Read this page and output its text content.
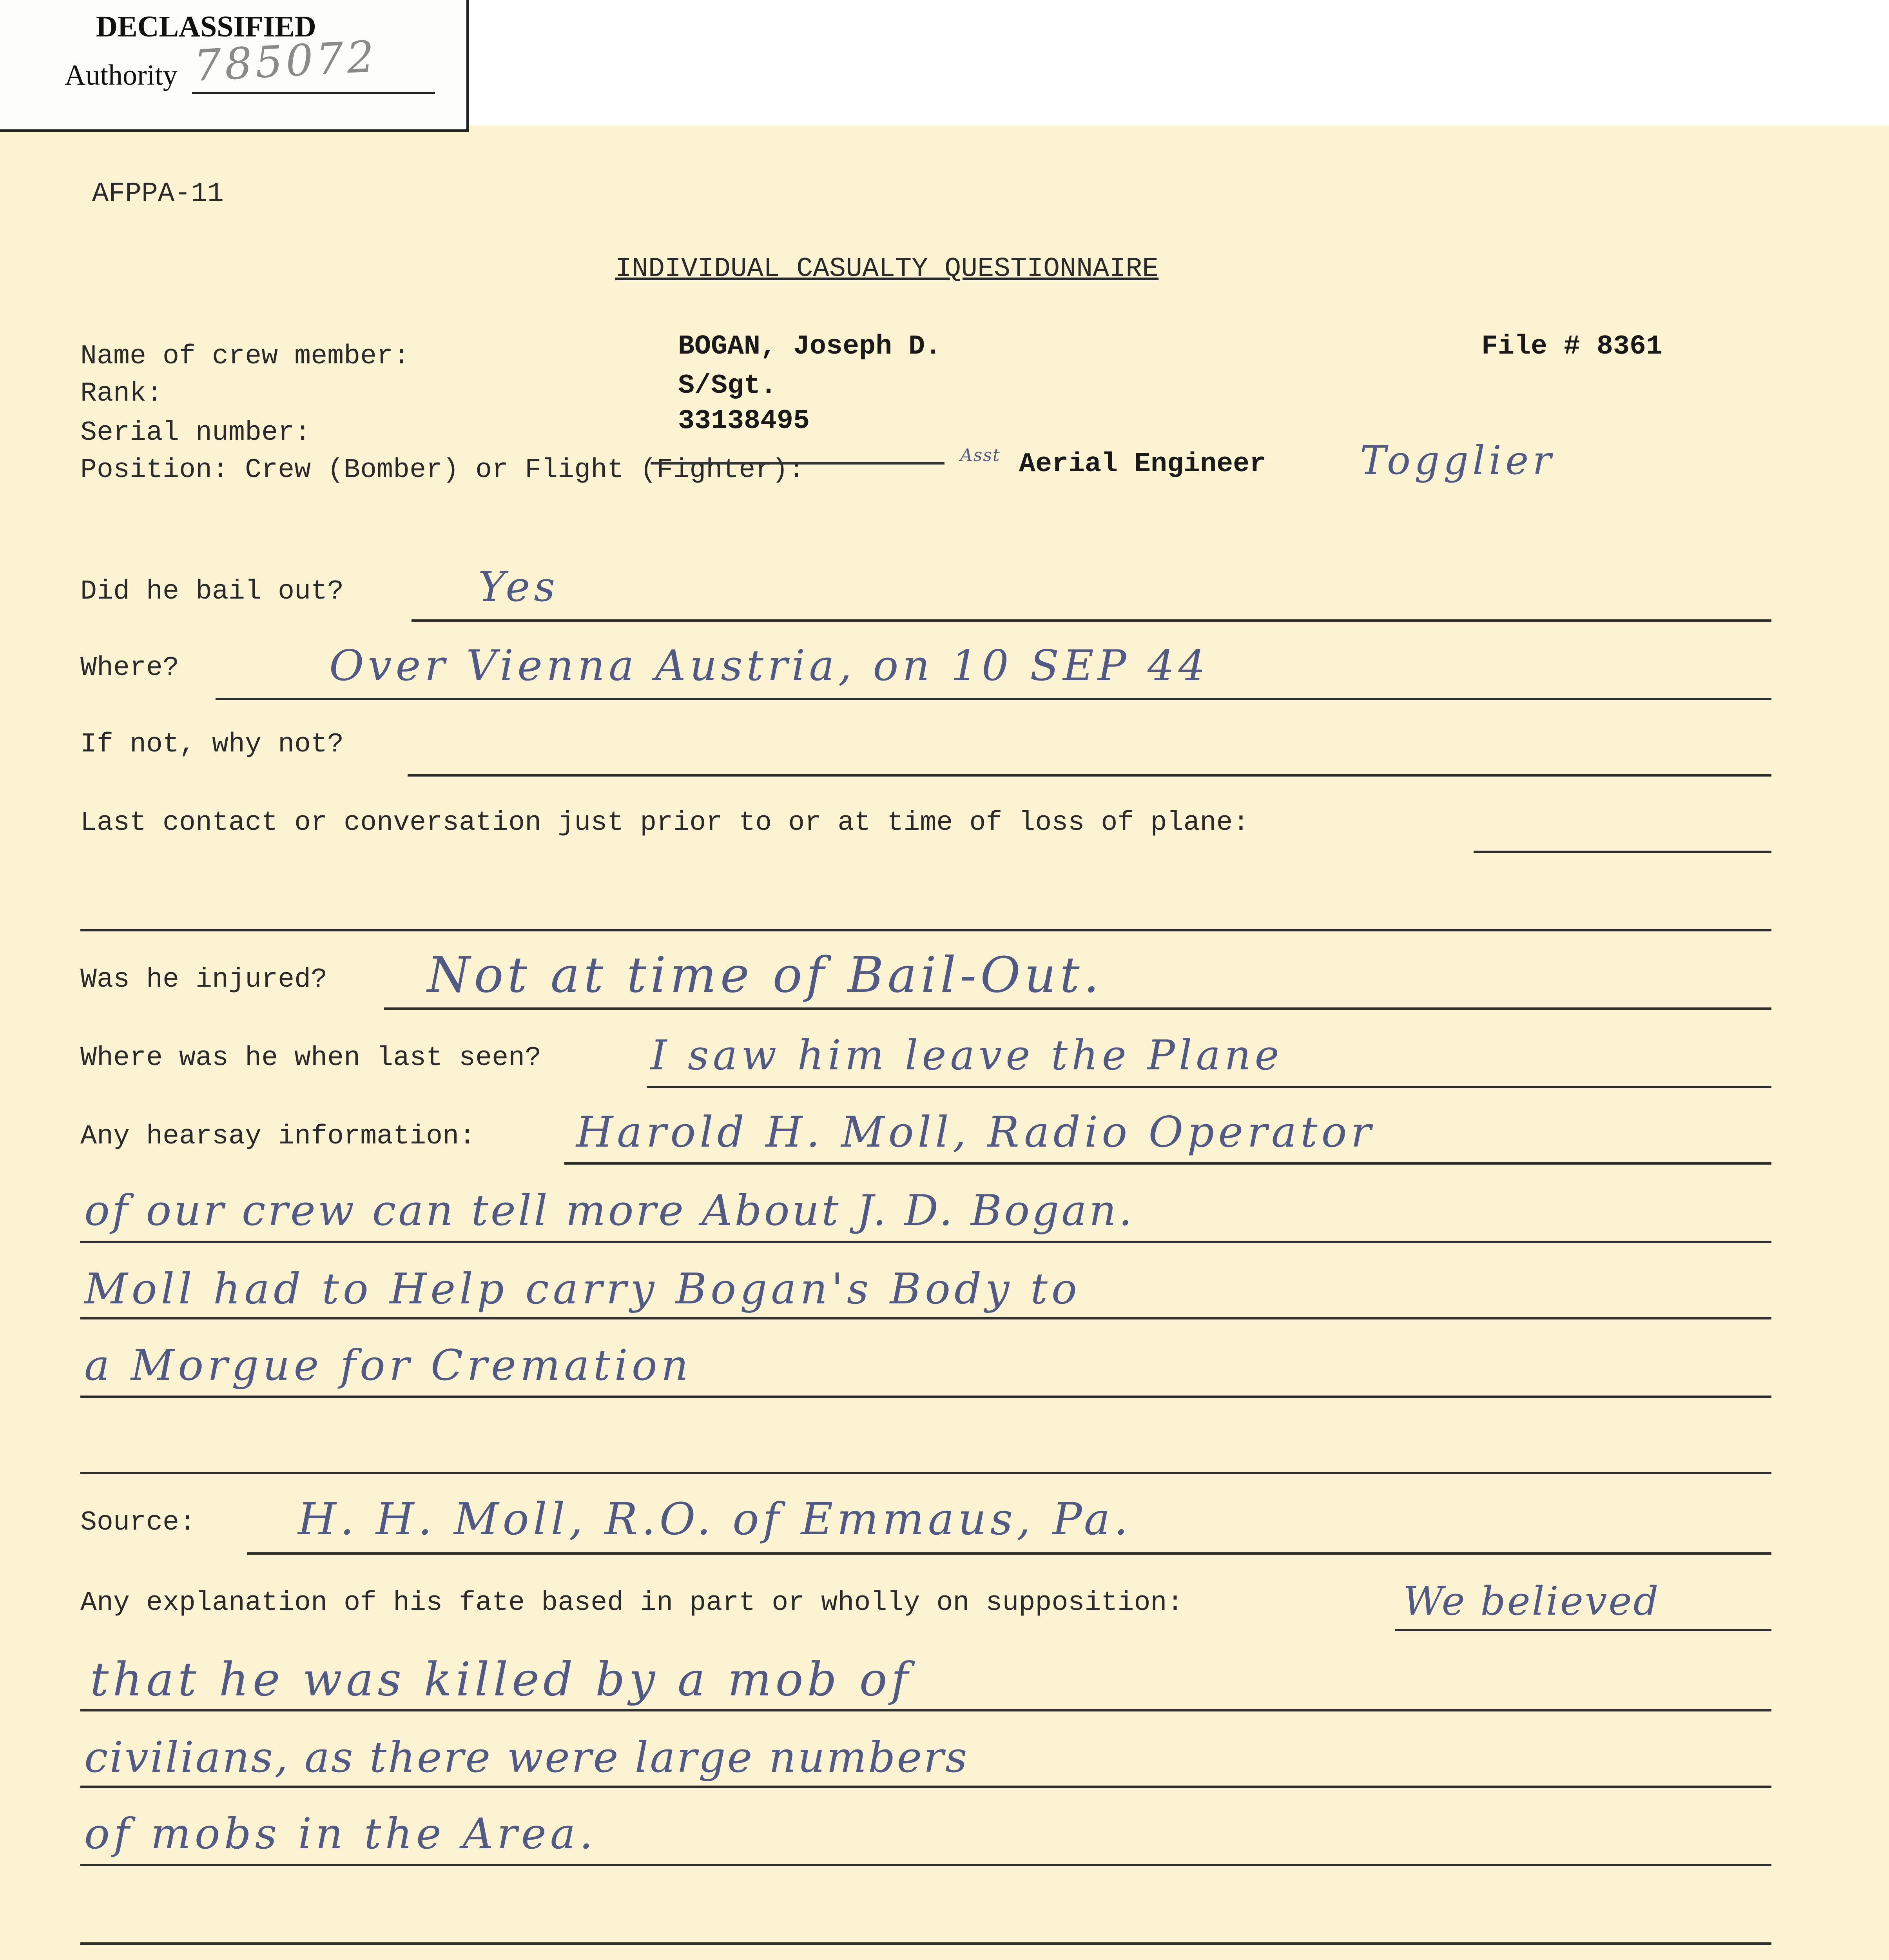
DECLASSIFIED
Authority 785072
AFPPA-11
INDIVIDUAL CASUALTY QUESTIONNAIRE
File # 8361
Name of crew member:	BOGAN, Joseph D.
Rank:	S/Sgt.
Serial number:	33138495
Position: Crew (Bomber) or Flight (Fighter):	Asst Aerial Engineer Togglier
Did he bail out?	Yes
Where?	Over Vienna Austria, on 10 SEP 44
If not, why not?
Last contact or conversation just prior to or at time of loss of plane:
Was he injured? Not at time of Bail-Out.
Where was he when last seen?	I saw him leave the Plane
Any hearsay information: Harold H. Moll, Radio Operator
of our crew can tell more About J. D. Bogan.
Moll had to Help carry Bogan's Body to
a Morgue for Cremation
Source: H. H. Moll, R.O. of Emmaus, Pa.
Any explanation of his fate based in part or wholly on supposition:	We believed
that he was killed by a mob of
civilians, as there were large numbers
of mobs in the Area.
